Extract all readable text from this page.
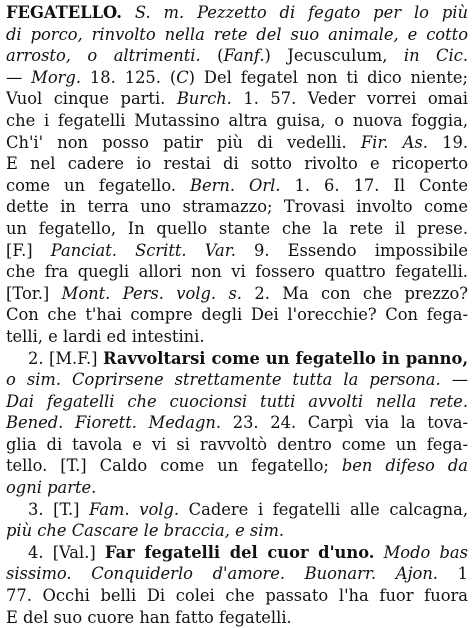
FEGATELLO. S. m. Pezzetto di fegato per lo più
di porco, rinvolto nella rete del suo animale, e cotto
arrosto, o altrimenti. (Fanf.) Jecusculum, in Cic.
— Morg. 18. 125. (C) Del fegatel non ti dico niente;
Vuol cinque parti. Burch. 1. 57. Veder vorrei omai
che i fegatelli Mutassino altra guisa, o nuova foggia,
Ch'i' non posso patir più di vedelli. Fir. As. 19.
E nel cadere io restai di sotto rivolto e ricoperto
come un fegatello. Bern. Orl. 1. 6. 17. Il Conte
dette in terra uno stramazzo; Trovasi involto come
un fegatello, In quello stante che la rete il prese.
[F.] Panciat. Scritt. Var. 9. Essendo impossibile
che fra quegli allori non vi fossero quattro fegatelli.
[Tor.] Mont. Pers. volg. s. 2. Ma con che prezzo?
Con che t'hai compre degli Dei l'orecchie? Con fega-
telli, e lardi ed intestini.
2. [M.F.] Ravvoltarsi come un fegatello in panno,
o sim. Coprirsene strettamente tutta la persona. —
Dai fegatelli che cuocionsi tutti avvolti nella rete.
Bened. Fiorett. Medagn. 23. 24. Carpì via la tova-
glia di tavola e vi si ravvoltò dentro come un fega-
tello. [T.] Caldo come un fegatello; ben difeso da
ogni parte.
3. [T.] Fam. volg. Cadere i fegatelli alle calcagna,
più che Cascare le braccia, e sim.
4. [Val.] Far fegatelli del cuor d'uno. Modo bas
sissimo. Conquiderlo d'amore. Buonarr. Ajon. 1
77. Occhi belli Di colei che passato l'ha fuor fuora
E del suo cuore han fatto fegatelli.
